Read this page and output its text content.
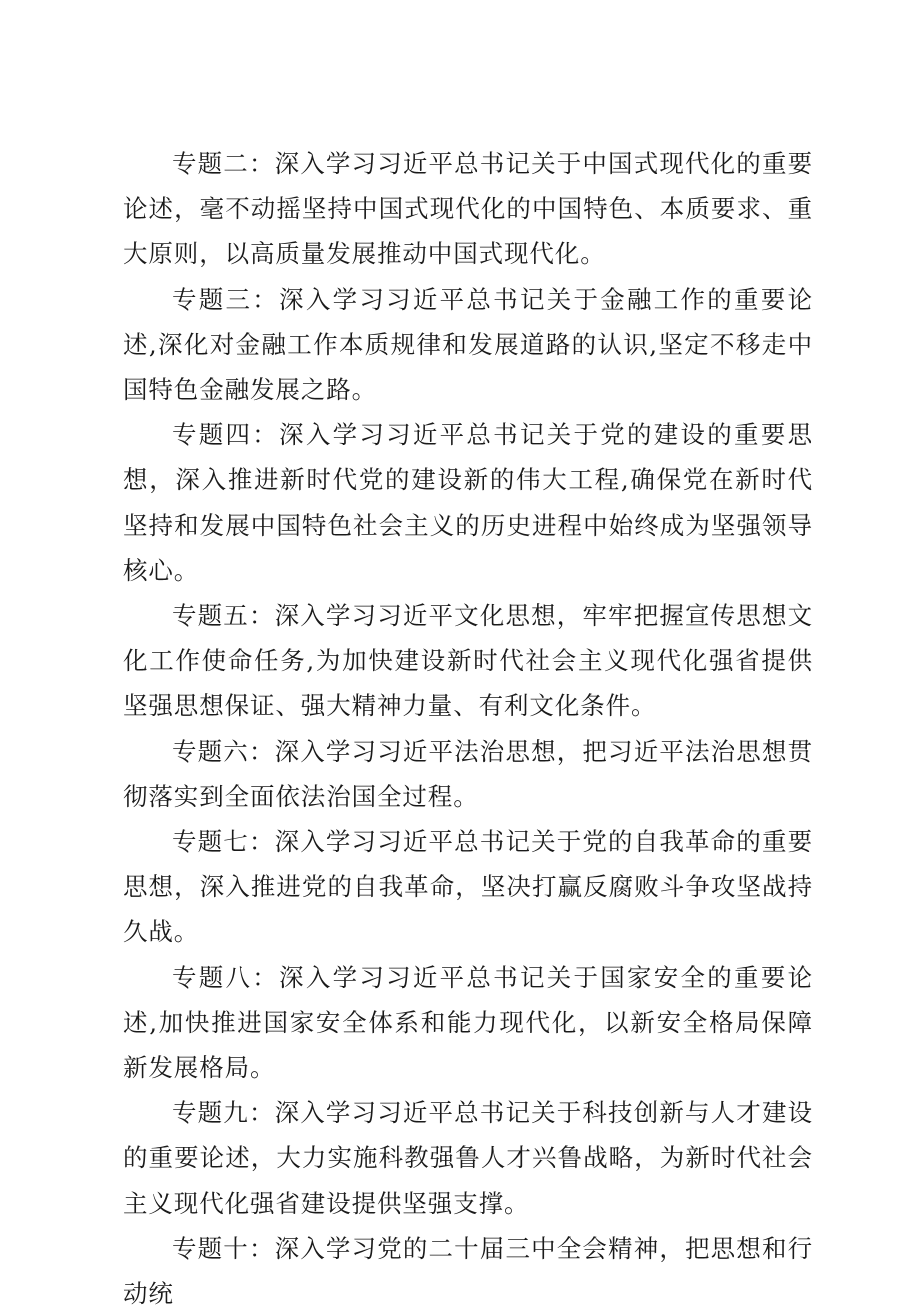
专题二：深入学习习近平总书记关于中国式现代化的重要论述，毫不动摇坚持中国式现代化的中国特色、本质要求、重大原则，以高质量发展推动中国式现代化。

专题三：深入学习习近平总书记关于金融工作的重要论述,深化对金融工作本质规律和发展道路的认识,坚定不移走中国特色金融发展之路。

专题四：深入学习习近平总书记关于党的建设的重要思想，深入推进新时代党的建设新的伟大工程,确保党在新时代坚持和发展中国特色社会主义的历史进程中始终成为坚强领导核心。

专题五：深入学习习近平文化思想，牢牢把握宣传思想文化工作使命任务,为加快建设新时代社会主义现代化强省提供坚强思想保证、强大精神力量、有利文化条件。

专题六：深入学习习近平法治思想，把习近平法治思想贯彻落实到全面依法治国全过程。

专题七：深入学习习近平总书记关于党的自我革命的重要思想，深入推进党的自我革命，坚决打赢反腐败斗争攻坚战持久战。

专题八：深入学习习近平总书记关于国家安全的重要论述,加快推进国家安全体系和能力现代化，以新安全格局保障新发展格局。

专题九：深入学习习近平总书记关于科技创新与人才建设的重要论述，大力实施科教强鲁人才兴鲁战略，为新时代社会主义现代化强省建设提供坚强支撑。

专题十：深入学习党的二十届三中全会精神，把思想和行动统
